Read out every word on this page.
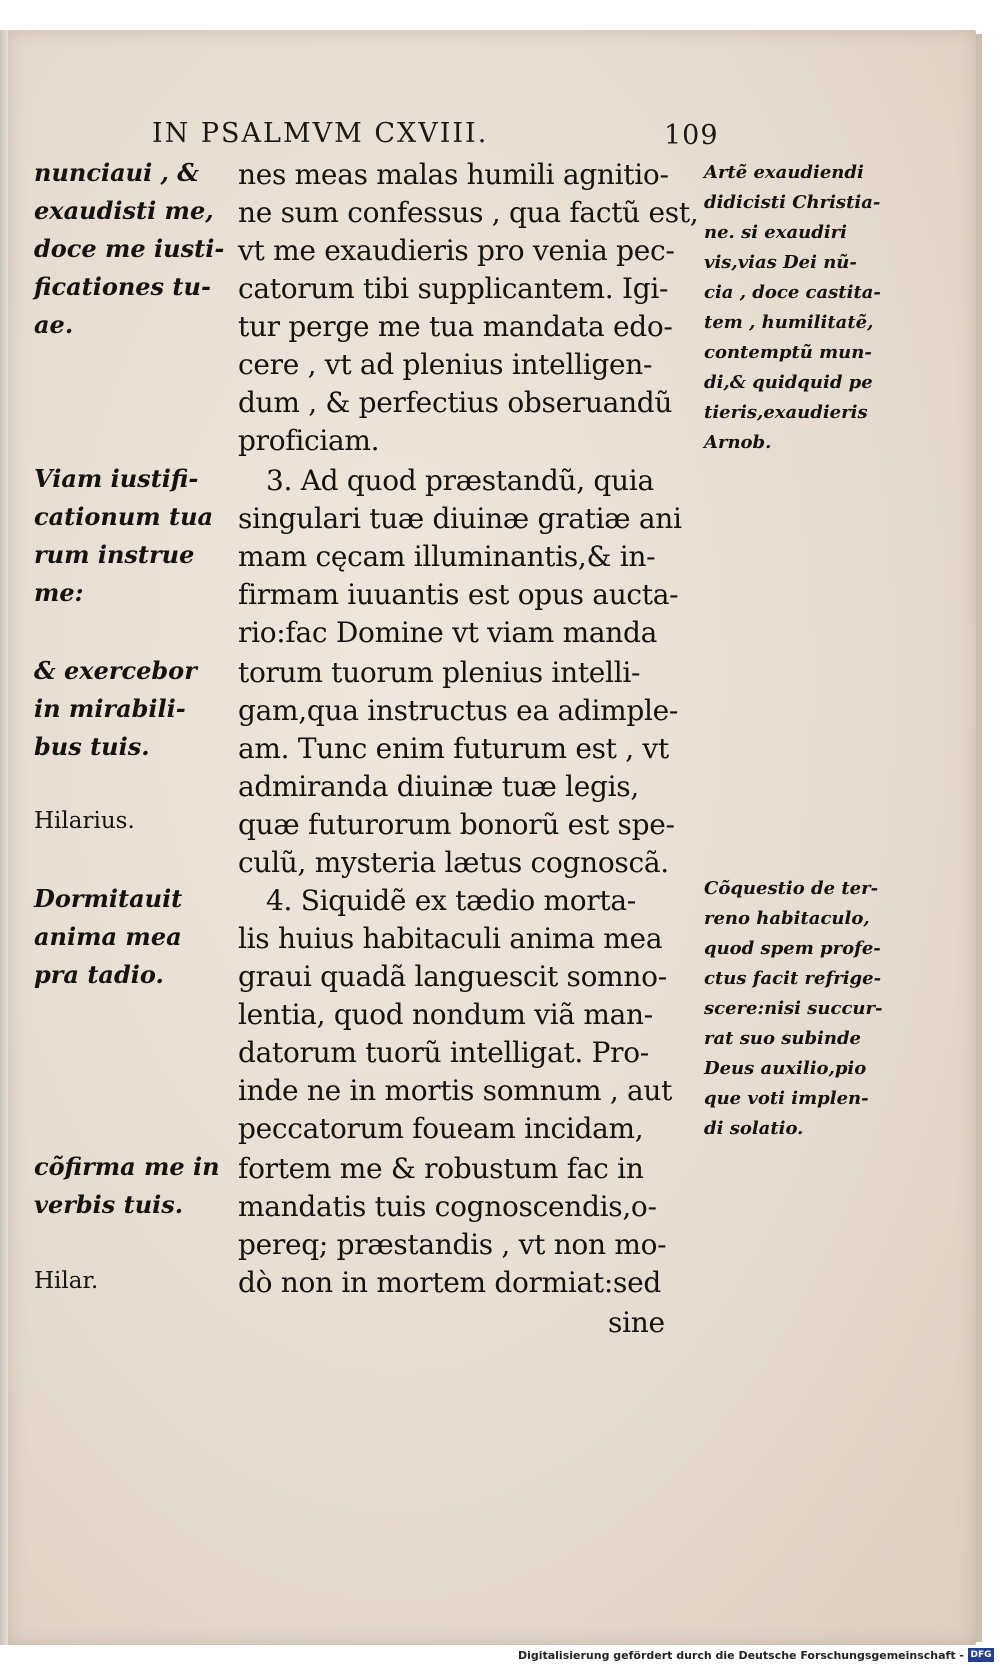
IN PSALMVM CXVIII.	109
nunciaui , &
exaudisti me,
doce me iusti-
ficationes tu-
ae.
Viam iustifi-
cationum tua
rum instrue
me:
& exercebor
in mirabili-
bus tuis.
Hilarius.
Dormitauit
anima mea
pra tadio.
cõfirma me in
verbis tuis.
Hilar.
nes meas malas humili agnitio-
ne sum confessus , qua factũ est,
vt me exaudieris pro venia pec-
catorum tibi supplicantem. Igi-
tur perge me tua mandata edo-
cere , vt ad plenius intelligen-
dum , & perfectius obseruandũ
proficiam.
3. Ad quod præstandũ, quia
singulari tuæ diuinæ gratiæ ani
mam cęcam illuminantis,& in-
firmam iuuantis est opus aucta-
rio:fac Domine vt viam manda
torum tuorum plenius intelli-
gam,qua instructus ea adimple-
am. Tunc enim futurum est , vt
admiranda diuinæ tuæ legis,
quæ futurorum bonorũ est spe-
culũ, mysteria lætus cognoscã.
4. Siquidẽ ex tædio morta-
lis huius habitaculi anima mea
graui quadã languescit somno-
lentia, quod nondum viã man-
datorum tuorũ intelligat. Pro-
inde ne in mortis somnum , aut
peccatorum foueam incidam,
fortem me & robustum fac in
mandatis tuis cognoscendis,o-
pereq; præstandis , vt non mo-
dò non in mortem dormiat:sed
sine
Artẽ exaudiendi
didicisti Christia-
ne. si exaudiri
vis,vias Dei nũ-
cia , doce castita-
tem , humilitatẽ,
contemptũ mun-
di,& quidquid pe
tieris,exaudieris
Arnob.
Cõquestio de ter-
reno habitaculo,
quod spem profe-
ctus facit refrige-
scere:nisi succur-
rat suo subinde
Deus auxilio,pio
que voti implen-
di solatio.
Digitalisierung gefördert durch die Deutsche Forschungsgemeinschaft - DFG
